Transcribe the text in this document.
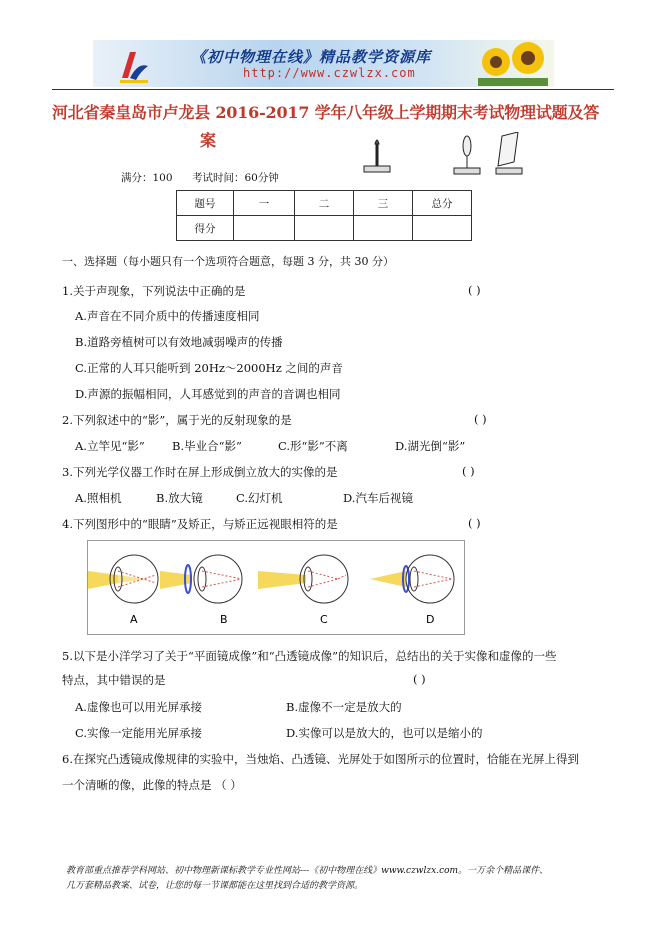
《初中物理在线》精品教学资源库
http://www.czwlzx.com
河北省秦皇岛市卢龙县 2016-2017 学年八年级上学期期末考试物理试题及答
案
满分：100 考试时间：60分钟
题号	一	二	三	总分
得分				
一、选择题（每小题只有一个选项符合题意，每题 3 分，共 30 分）
1.关于声现象，下列说法中正确的是	( )
A.声音在不同介质中的传播速度相同
B.道路旁植树可以有效地减弱噪声的传播
C.正常的人耳只能听到 20Hz～2000Hz 之间的声音
D.声源的振幅相同，人耳感觉到的声音的音调也相同
2.下列叙述中的“影”，属于光的反射现象的是	( )
A.立竿见“影” B.毕业合“影”	C.形“影”不离	D.湖光倒“影”
3.下列光学仪器工作时在屏上形成倒立放大的实像的是	( )
A.照相机	B.放大镜	C.幻灯机	D.汽车后视镜
4.下列图形中的“眼睛”及矫正，与矫正远视眼相符的是	( )
A	B	C	D
5.以下是小洋学习了关于“平面镜成像”和“凸透镜成像”的知识后，总结出的关于实像和虚像的一些
特点，其中错误的是	( )
A.虚像也可以用光屏承接	B.虚像不一定是放大的
C.实像一定能用光屏承接	D.实像可以是放大的，也可以是缩小的
6.在探究凸透镜成像规律的实验中，当烛焰、凸透镜、光屏处于如图所示的位置时，恰能在光屏上得到
一个清晰的像，此像的特点是 （ ）
教育部重点推荐学科网站、初中物理新课标教学专业性网站---《初中物理在线》www.czwlzx.com。一万余个精品课件、
几万套精品教案、试卷，让您的每一节课都能在这里找到合适的教学资源。
